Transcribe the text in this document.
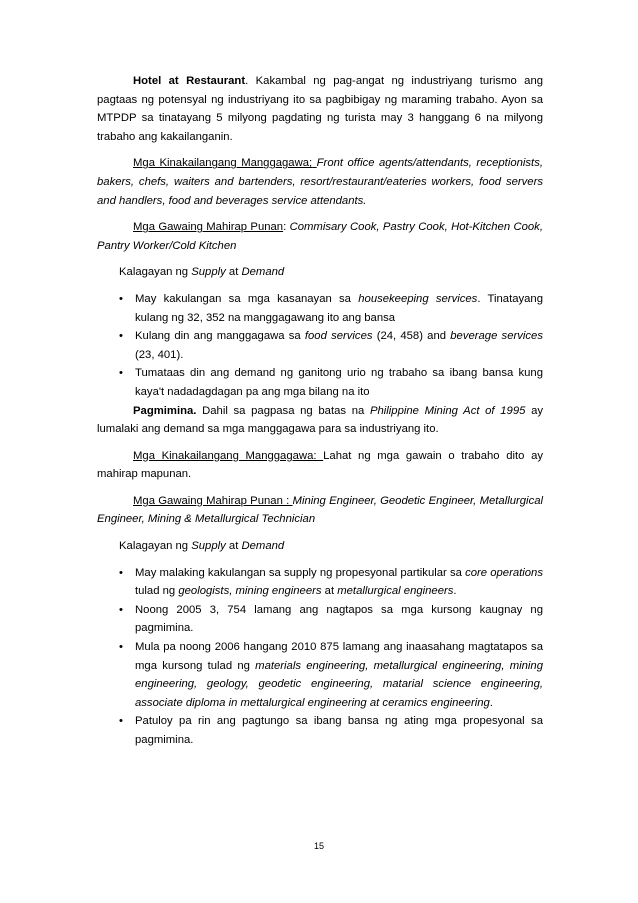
Hotel at Restaurant. Kakambal ng pag-angat ng industriyang turismo ang pagtaas ng potensyal ng industriyang ito sa pagbibigay ng maraming trabaho. Ayon sa MTPDP sa tinatayang 5 milyong pagdating ng turista may 3 hanggang 6 na milyong trabaho ang kakailanganin.

Mga Kinakailangang Manggagawa; Front office agents/attendants, receptionists, bakers, chefs, waiters and bartenders, resort/restaurant/eateries workers, food servers and handlers, food and beverages service attendants.

Mga Gawaing Mahirap Punan: Commisary Cook, Pastry Cook, Hot-Kitchen Cook, Pantry Worker/Cold Kitchen

Kalagayan ng Supply at Demand

• May kakulangan sa mga kasanayan sa housekeeping services. Tinatayang kulang ng 32, 352 na manggagawang ito ang bansa
• Kulang din ang manggagawa sa food services (24, 458) and beverage services (23, 401).
• Tumataas din ang demand ng ganitong urio ng trabaho sa ibang bansa kung kaya't nadadagdagan pa ang mga bilang na ito

Pagmimina. Dahil sa pagpasa ng batas na Philippine Mining Act of 1995 ay lumalaki ang demand sa mga manggagawa para sa industriyang ito.

Mga Kinakailangang Manggagawa: Lahat ng mga gawain o trabaho dito ay mahirap mapunan.

Mga Gawaing Mahirap Punan : Mining Engineer, Geodetic Engineer, Metallurgical Engineer, Mining & Metallurgical Technician

Kalagayan ng Supply at Demand

• May malaking kakulangan sa supply ng propesyonal partikular sa core operations tulad ng geologists, mining engineers at metallurgical engineers.
• Noong 2005 3, 754 lamang ang nagtapos sa mga kursong kaugnay ng pagmimina.
• Mula pa noong 2006 hangang 2010 875 lamang ang inaasahang magtatapos sa mga kursong tulad ng materials engineering, metallurgical engineering, mining engineering, geology, geodetic engineering, matarial science engineering, associate diploma in mettalurgical engineering at ceramics engineering.
• Patuloy pa rin ang pagtungo sa ibang bansa ng ating mga propesyonal sa pagmimina.
15
